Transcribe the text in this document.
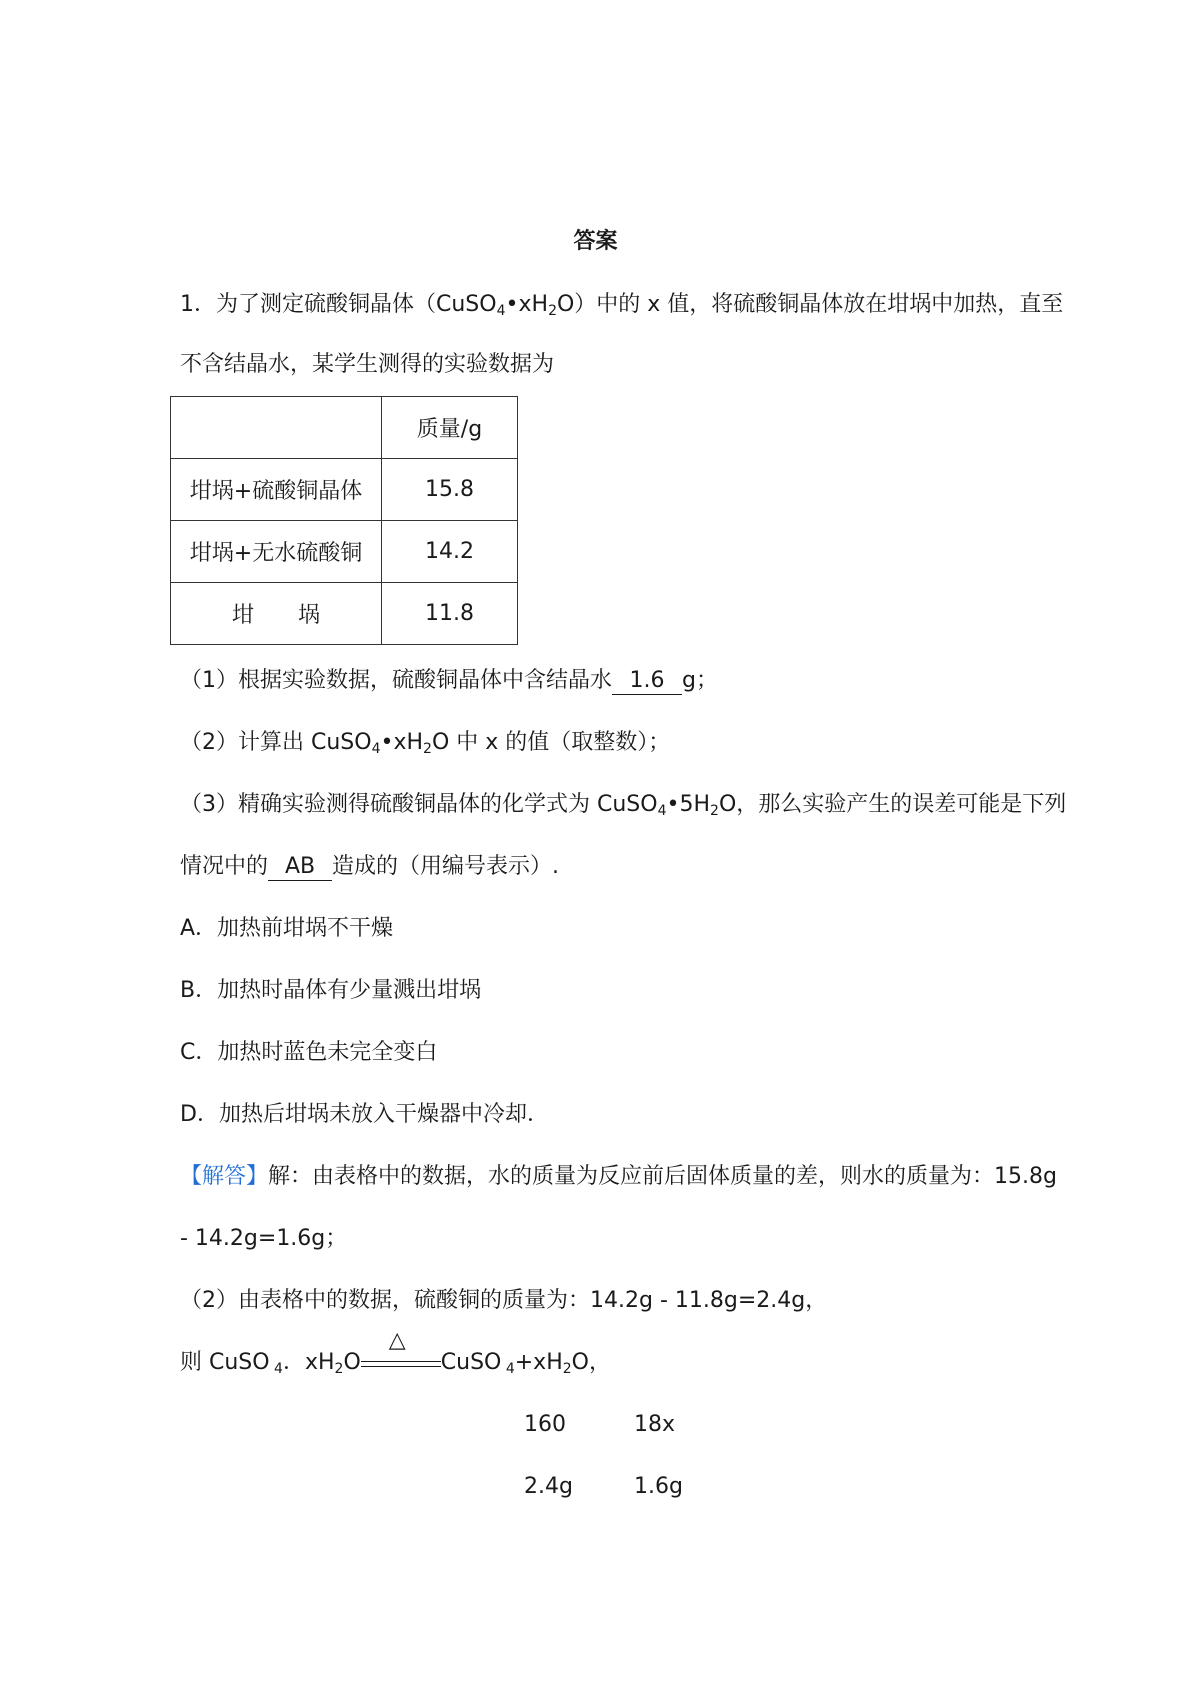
答案
1．为了测定硫酸铜晶体$(CuSO_4•xH_2O)$中的 x 值，将硫酸铜晶体放在坩埚中加热，直至
不含结晶水，某学生测得的实验数据为
	质量/g
坩埚+硫酸铜晶体	15.8
坩埚+无水硫酸铜	14.2
坩　　埚	11.8
（1）根据实验数据，硫酸铜晶体中含结晶水 1.6 g；
（2）计算出 $CuSO_4•xH_2O$ 中 x 的值（取整数）；
（3）精确实验测得硫酸铜晶体的化学式为 $CuSO_4•5H_2O$，那么实验产生的误差可能是下列
情况中的 AB 造成的（用编号表示）.
A．加热前坩埚不干燥
B．加热时晶体有少量溅出坩埚
C．加热时蓝色未完全变白
D．加热后坩埚未放入干燥器中冷却．
【解答】解：由表格中的数据，水的质量为反应前后固体质量的差，则水的质量为：15.8g
- 14.2g=1.6g；
（2）由表格中的数据，硫酸铜的质量为：14.2g - 11.8g=2.4g，
则 CuSO $_4$．$xH_2O$
△
CuSO $_4+xH_2O$，
160	18x
2.4g	1.6g
